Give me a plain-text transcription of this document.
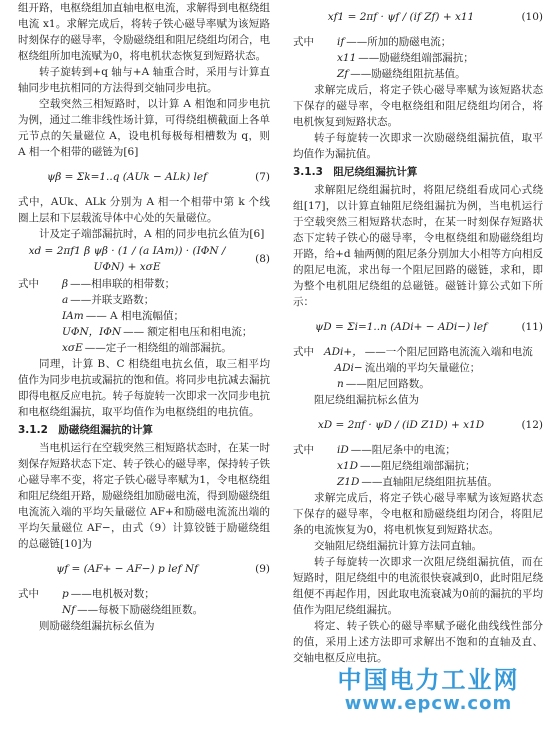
组开路，电枢绕组加直轴电枢电流，求解得到电枢绕组电流 x1。求解完成后，将转子铁心磁导率赋为该短路时刻保存的磁导率，令励磁绕组和阻尼绕组均闭合，电枢绕组所加电流赋为0，将电机状态恢复到短路状态。

转子旋转到+q 轴与+A 轴重合时，采用与计算直轴同步电抗相同的方法得到交轴同步电抗。

空载突然三相短路时，以计算 A 相饱和同步电抗为例，通过二维非线性场计算，可得绕组横截面上各单元节点的矢量磁位 A，设电机每极每相槽数为 q，则 A 相一个相带的磁链为[6]

ψβ = Σk=1..q (AUk − ALk) lef	(7)

式中，AUk、ALk 分别为 A 相一个相带中第 k 个线圈上层和下层载流导体中心处的矢量磁位。

计及定子端部漏抗时，A 相的同步电抗幺值为[6]

xd = 2πf1 β ψβ · (1 / (a IAm)) · (IΦN / UΦN) + xσE
(8)
式中	β ——相串联的相带数；
a ——并联支路数；
IAm —— A 相电流幅值；
UΦN，IΦN —— 额定相电压和相电流；
xσE ——定子一相绕组的端部漏抗。

同理，计算 B、C 相绕组电抗幺值，取三相平均值作为同步电抗或漏抗的饱和值。将同步电抗减去漏抗即得电枢反应电抗。转子每旋转一次即求一次同步电抗和电枢绕组漏抗，取平均值作为电枢绕组的电抗值。

3.1.2　励磁绕组漏抗的计算

当电机运行在空载突然三相短路状态时，在某一时刻保存短路状态下定、转子铁心的磁导率，保持转子铁心磁导率不变，将定子铁心磁导率赋为1，令电枢绕组和阻尼绕组开路，励磁绕组加励磁电流，得到励磁绕组电流流入端的平均矢量磁位 AF+和励磁电流流出端的平均矢量磁位 AF−，由式（9）计算铰链于励磁绕组的总磁链[10]为

ψf = (AF+ − AF−) p lef Nf	(9)
式中	p ——电机极对数；
Nf ——每极下励磁绕组匝数。

则励磁绕组漏抗标幺值为

xf1 = 2πf · ψf / (if Zf) + x11	(10)
式中	if ——所加的励磁电流；
x11 ——励磁绕组端部漏抗；
Zf ——励磁绕组阻抗基值。

求解完成后，将定子铁心磁导率赋为该短路状态下保存的磁导率，令电枢绕组和阻尼绕组均闭合，将电机恢复到短路状态。

转子每旋转一次即求一次励磁绕组漏抗值，取平均值作为漏抗值。

3.1.3　阻尼绕组漏抗计算

求解阻尼绕组漏抗时，将阻尼绕组看成同心式绕组[17]，以计算直轴阻尼绕组漏抗为例，当电机运行于空载突然三相短路状态时，在某一时刻保存短路状态下定转子铁心的磁导率，令电枢绕组和励磁绕组均开路，给+d 轴两侧的阻尼条分别加大小相等方向相反的阻尼电流，求出每一个阻尼回路的磁链，求和，即为整个电机阻尼绕组的总磁链。磁链计算公式如下所示：

ψD = Σi=1..n (ADi+ − ADi−) lef	(11)
式中 ADi+，ADi−
——一个阻尼回路电流流入端和电流流出端的平均矢量磁位；
n ——阻尼回路数。

阻尼绕组漏抗标幺值为

xD = 2πf · ψD / (iD Z1D) + x1D	(12)
式中	iD ——阻尼条中的电流；
x1D ——阻尼绕组端部漏抗；
Z1D ——直轴阻尼绕组阻抗基值。

求解完成后，将定子铁心磁导率赋为该短路状态下保存的磁导率，令电枢和励磁绕组均闭合，将阻尼条的电流恢复为0，将电机恢复到短路状态。

交轴阻尼绕组漏抗计算方法同直轴。

转子每旋转一次即求一次阻尼绕组漏抗值，而在短路时，阻尼绕组中的电流很快衰减到0，此时阻尼绕组便不再起作用，因此取电流衰减为0前的漏抗的平均值作为阻尼绕组漏抗。

将定、转子铁心的磁导率赋予磁化曲线线性部分的值，采用上述方法即可求解出不饱和的直轴及直、交轴电枢反应电抗。

中国电力工业网
www.epcw.com
